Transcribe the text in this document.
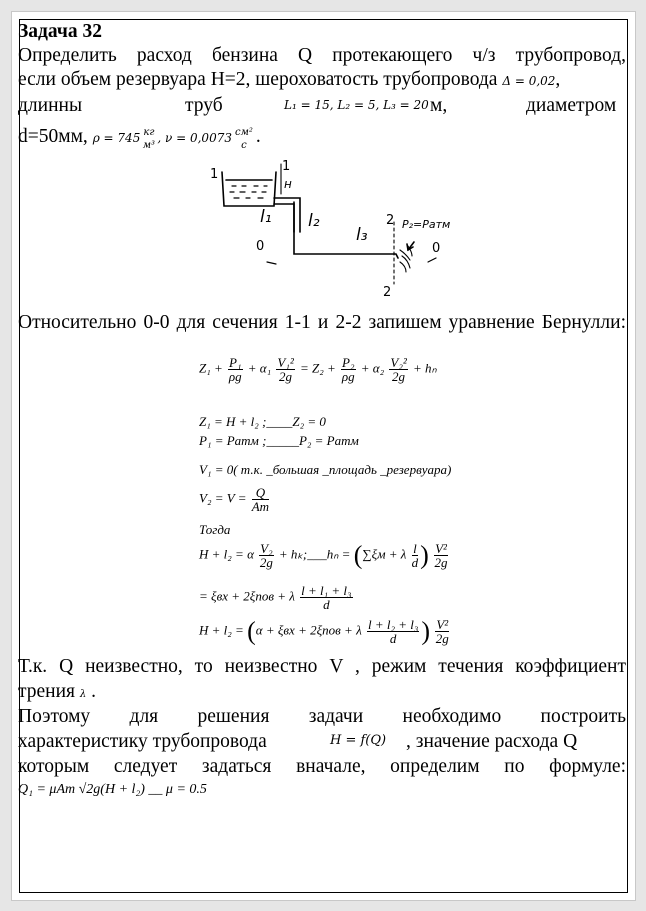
Задача 32
Определить расход бензина Q протекающего ч/з трубопровод,
если объем резервуара H=2, шероховатость трубопровода Δ = 0,02,
длинны	труб	L₁ = 15, L₂ = 5, L₃ = 20 м,	диаметром
d=50мм, ρ = 745 кг
м³ , ν = 0,0073 см²
с .
1
1
н
l₁ l₂
l₃
0	0
2
2
P₂=Pатм
Относительно 0-0 для сечения 1-1 и 2-2 запишем уравнение Бернулли:
$Z_1 + \frac{\text{P₁}}{\rho g} + \alpha_1 \frac{\text{V₁²}}{2g} = Z_2 + \frac{\text{P₂}}{\rho g} + \alpha_2 \frac{\text{V₂²}}{2g} + h_n$
Z₁ = H + l₂ ;____Z₂ = 0
P₁ = Pатм ;_____P₂ = Pатм
V₁ = 0( т.к. _большая _площадь _резервуара)
$V_2 = V = \frac{Q}{Aт}$
Тогда
H + l₂ = α $\frac{\text{V₂}}{2g}$ + hₖ;___hₙ = (∑ξм + λ $\frac{l}{d}$ ) $\frac{\text{V²}}{2g}$
= ξвх + 2ξпов + λ $\frac{\text{l + l₁ + l₃}}{d}$
H + l₂ = (α + ξвх + 2ξпов + λ $\frac{\text{l + l₂ + l₃}}{d}$ ) $\frac{\text{V²}}{2g}$
Т.к. Q неизвестно, то неизвестно V , режим течения коэффициент
трения λ .
Поэтому для решения задачи необходимо построить
характеристику трубопровода	H = f(Q) , значение расхода Q
которым следует задаться вначале, определим по формуле:
Q₁ = μAт √2g(H + l₂) __ μ = 0.5
